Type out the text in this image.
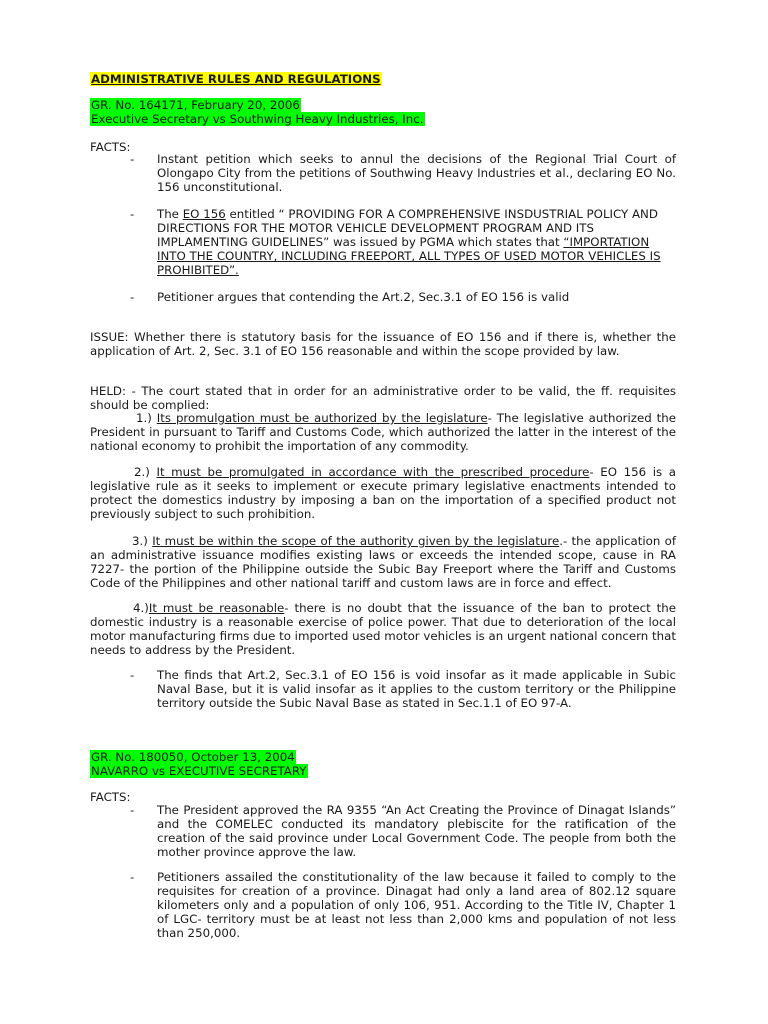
ADMINISTRATIVE RULES AND REGULATIONS
GR. No. 164171, February 20, 2006
Executive Secretary vs Southwing Heavy Industries, Inc.
FACTS:
- Instant petition which seeks to annul the decisions of the Regional Trial Court of Olongapo City from the petitions of Southwing Heavy Industries et al., declaring EO No. 156 unconstitutional.
- The EO 156 entitled “ PROVIDING FOR A COMPREHENSIVE INSDUSTRIAL POLICY AND DIRECTIONS FOR THE MOTOR VEHICLE DEVELOPMENT PROGRAM AND ITS IMPLAMENTING GUIDELINES” was issued by PGMA which states that “IMPORTATION INTO THE COUNTRY, INCLUDING FREEPORT, ALL TYPES OF USED MOTOR VEHICLES IS PROHIBITED”.
- Petitioner argues that contending the Art.2, Sec.3.1 of EO 156 is valid
ISSUE: Whether there is statutory basis for the issuance of EO 156 and if there is, whether the application of Art. 2, Sec. 3.1 of EO 156 reasonable and within the scope provided by law.
HELD: - The court stated that in order for an administrative order to be valid, the ff. requisites should be complied:
1.) Its promulgation must be authorized by the legislature- The legislative authorized the President in pursuant to Tariff and Customs Code, which authorized the latter in the interest of the national economy to prohibit the importation of any commodity.
2.) It must be promulgated in accordance with the prescribed procedure- EO 156 is a legislative rule as it seeks to implement or execute primary legislative enactments intended to protect the domestics industry by imposing a ban on the importation of a specified product not previously subject to such prohibition.
3.) It must be within the scope of the authority given by the legislature.- the application of an administrative issuance modifies existing laws or exceeds the intended scope, cause in RA 7227- the portion of the Philippine outside the Subic Bay Freeport where the Tariff and Customs Code of the Philippines and other national tariff and custom laws are in force and effect.
4.)It must be reasonable- there is no doubt that the issuance of the ban to protect the domestic industry is a reasonable exercise of police power. That due to deterioration of the local motor manufacturing firms due to imported used motor vehicles is an urgent national concern that needs to address by the President.
- The finds that Art.2, Sec.3.1 of EO 156 is void insofar as it made applicable in Subic Naval Base, but it is valid insofar as it applies to the custom territory or the Philippine territory outside the Subic Naval Base as stated in Sec.1.1 of EO 97-A.
GR. No. 180050, October 13, 2004
NAVARRO vs EXECUTIVE SECRETARY
FACTS:
- The President approved the RA 9355 “An Act Creating the Province of Dinagat Islands” and the COMELEC conducted its mandatory plebiscite for the ratification of the creation of the said province under Local Government Code. The people from both the mother province approve the law.
- Petitioners assailed the constitutionality of the law because it failed to comply to the requisites for creation of a province. Dinagat had only a land area of 802.12 square kilometers only and a population of only 106, 951. According to the Title IV, Chapter 1 of LGC- territory must be at least not less than 2,000 kms and population of not less than 250,000.
